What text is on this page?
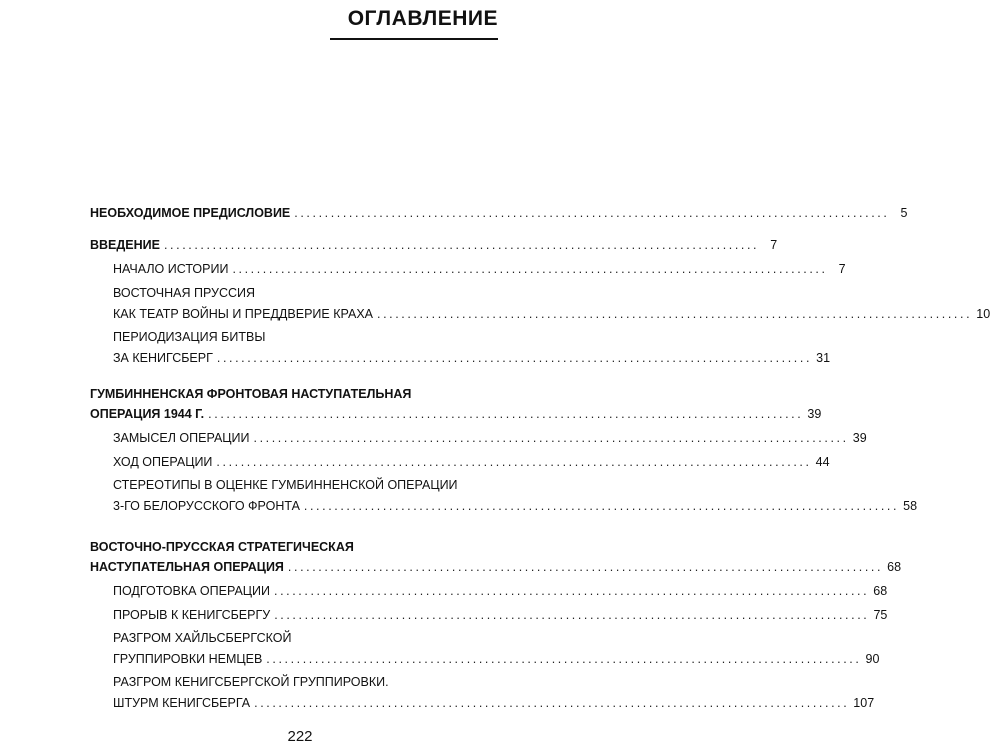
ОГЛАВЛЕНИЕ
НЕОБХОДИМОЕ ПРЕДИСЛОВИЕ .................................................................................................. 5
ВВЕДЕНИЕ .................................................................................................. 7
НАЧАЛО ИСТОРИИ .................................................................................................. 7
ВОСТОЧНАЯ ПРУССИЯ
КАК ТЕАТР ВОЙНЫ И ПРЕДДВЕРИЕ КРАХА .................................................................................................. 10
ПЕРИОДИЗАЦИЯ БИТВЫ
ЗА КЕНИГСБЕРГ .................................................................................................. 31
ГУМБИННЕНСКАЯ ФРОНТОВАЯ НАСТУПАТЕЛЬНАЯ
ОПЕРАЦИЯ 1944 Г. .................................................................................................. 39
ЗАМЫСЕЛ ОПЕРАЦИИ .................................................................................................. 39
ХОД ОПЕРАЦИИ .................................................................................................. 44
СТЕРЕОТИПЫ В ОЦЕНКЕ ГУМБИННЕНСКОЙ ОПЕРАЦИИ
3-ГО БЕЛОРУССКОГО ФРОНТА .................................................................................................. 58
ВОСТОЧНО-ПРУССКАЯ СТРАТЕГИЧЕСКАЯ
НАСТУПАТЕЛЬНАЯ ОПЕРАЦИЯ .................................................................................................. 68
ПОДГОТОВКА ОПЕРАЦИИ .................................................................................................. 68
ПРОРЫВ К КЕНИГСБЕРГУ .................................................................................................. 75
РАЗГРОМ ХАЙЛЬСБЕРГСКОЙ
ГРУППИРОВКИ НЕМЦЕВ .................................................................................................. 90
РАЗГРОМ КЕНИГСБЕРГСКОЙ ГРУППИРОВКИ.
ШТУРМ КЕНИГСБЕРГА .................................................................................................. 107
222
